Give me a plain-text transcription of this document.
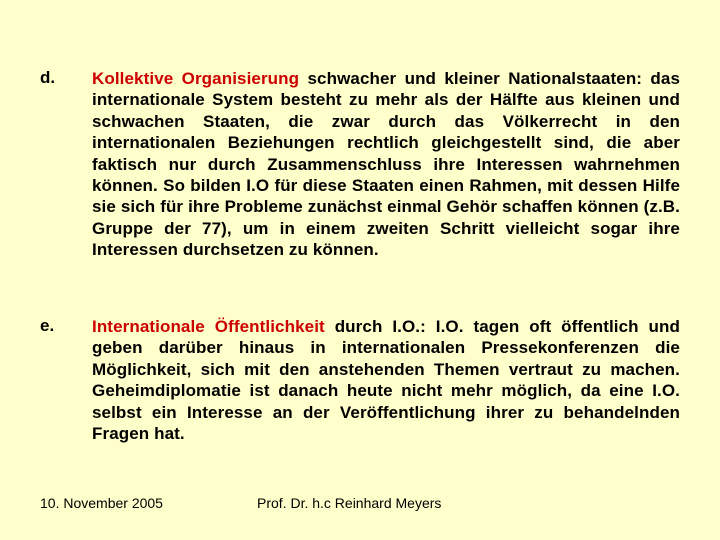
d. Kollektive Organisierung schwacher und kleiner Nationalstaaten: das internationale System besteht zu mehr als der Hälfte aus kleinen und schwachen Staaten, die zwar durch das Völkerrecht in den internationalen Beziehungen rechtlich gleichgestellt sind, die aber faktisch nur durch Zusammenschluss ihre Interessen wahrnehmen können. So bilden I.O für diese Staaten einen Rahmen, mit dessen Hilfe sie sich für ihre Probleme zunächst einmal Gehör schaffen können (z.B. Gruppe der 77), um in einem zweiten Schritt vielleicht sogar ihre Interessen durchsetzen zu können.
e. Internationale Öffentlichkeit durch I.O.: I.O. tagen oft öffentlich und geben darüber hinaus in internationalen Pressekonferenzen die Möglichkeit, sich mit den anstehenden Themen vertraut zu machen. Geheimdiplomatie ist danach heute nicht mehr möglich, da eine I.O. selbst ein Interesse an der Veröffentlichung ihrer zu behandelnden Fragen hat.
10. November 2005	Prof. Dr. h.c Reinhard Meyers
